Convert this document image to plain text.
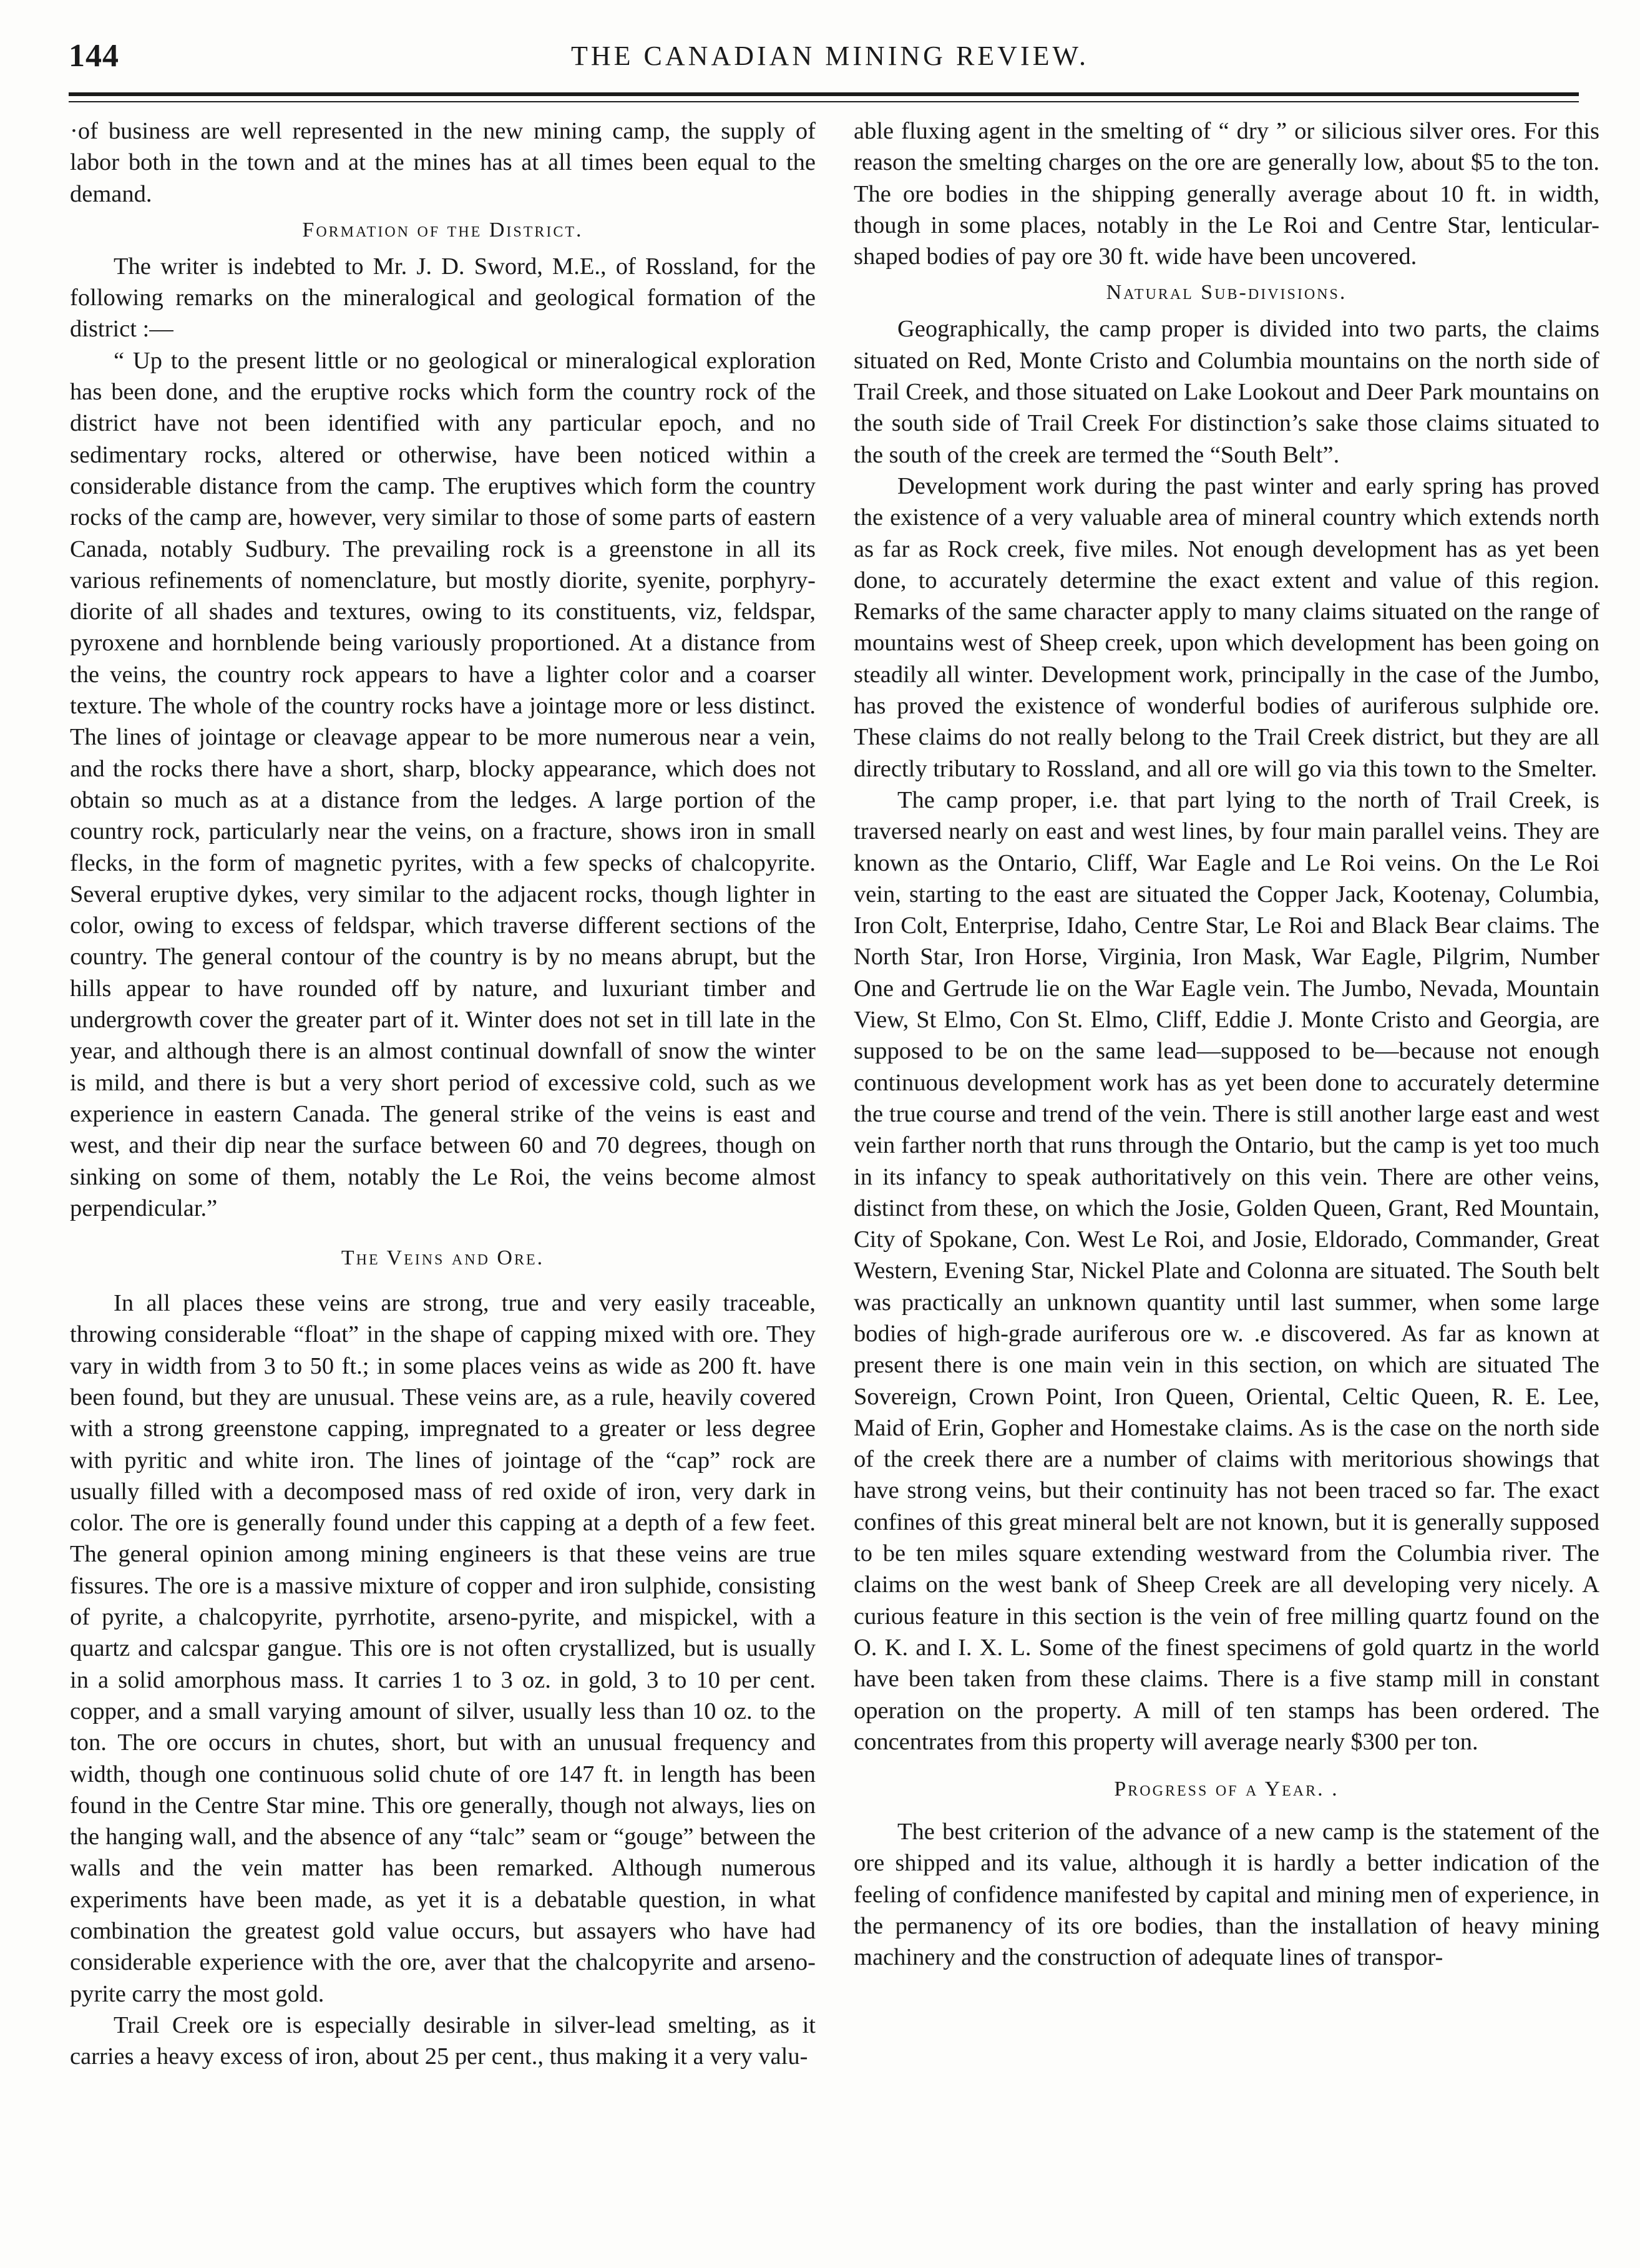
144	THE CANADIAN MINING REVIEW.

·of business are well represented in the new mining camp, the supply of labor both in the town and at the mines has at all times been equal to the demand.

Formation of the District.

The writer is indebted to Mr. J. D. Sword, M.E., of Rossland, for the following remarks on the mineralogical and geological formation of the district :—

“ Up to the present little or no geological or mineralogical exploration has been done, and the eruptive rocks which form the country rock of the district have not been identified with any particular epoch, and no sedimentary rocks, altered or otherwise, have been noticed within a considerable distance from the camp. The eruptives which form the country rocks of the camp are, however, very similar to those of some parts of eastern Canada, notably Sudbury. The prevailing rock is a greenstone in all its various refinements of nomenclature, but mostly diorite, syenite, porphyry-diorite of all shades and textures, owing to its constituents, viz, feldspar, pyroxene and hornblende being variously proportioned. At a distance from the veins, the country rock appears to have a lighter color and a coarser texture. The whole of the country rocks have a jointage more or less distinct. The lines of jointage or cleavage appear to be more numerous near a vein, and the rocks there have a short, sharp, blocky appearance, which does not obtain so much as at a distance from the ledges. A large portion of the country rock, particularly near the veins, on a fracture, shows iron in small flecks, in the form of magnetic pyrites, with a few specks of chalcopyrite. Several eruptive dykes, very similar to the adjacent rocks, though lighter in color, owing to excess of feldspar, which traverse different sections of the country. The general contour of the country is by no means abrupt, but the hills appear to have rounded off by nature, and luxuriant timber and undergrowth cover the greater part of it. Winter does not set in till late in the year, and although there is an almost continual downfall of snow the winter is mild, and there is but a very short period of excessive cold, such as we experience in eastern Canada. The general strike of the veins is east and west, and their dip near the surface between 60 and 70 degrees, though on sinking on some of them, notably the Le Roi, the veins become almost perpendicular.”

The Veins and Ore.

In all places these veins are strong, true and very easily traceable, throwing considerable “float” in the shape of capping mixed with ore. They vary in width from 3 to 50 ft.; in some places veins as wide as 200 ft. have been found, but they are unusual. These veins are, as a rule, heavily covered with a strong greenstone capping, impregnated to a greater or less degree with pyritic and white iron. The lines of jointage of the “cap” rock are usually filled with a decomposed mass of red oxide of iron, very dark in color. The ore is generally found under this capping at a depth of a few feet. The general opinion among mining engineers is that these veins are true fissures. The ore is a massive mixture of copper and iron sulphide, consisting of pyrite, a chalcopyrite, pyrrhotite, arseno-pyrite, and mispickel, with a quartz and calcspar gangue. This ore is not often crystallized, but is usually in a solid amorphous mass. It carries 1 to 3 oz. in gold, 3 to 10 per cent. copper, and a small varying amount of silver, usually less than 10 oz. to the ton. The ore occurs in chutes, short, but with an unusual frequency and width, though one continuous solid chute of ore 147 ft. in length has been found in the Centre Star mine. This ore generally, though not always, lies on the hanging wall, and the absence of any “talc” seam or “gouge” between the walls and the vein matter has been remarked. Although numerous experiments have been made, as yet it is a debatable question, in what combination the greatest gold value occurs, but assayers who have had considerable experience with the ore, aver that the chalcopyrite and arseno-pyrite carry the most gold.

Trail Creek ore is especially desirable in silver-lead smelting, as it carries a heavy excess of iron, about 25 per cent., thus making it a very valu-

able fluxing agent in the smelting of “ dry ” or silicious silver ores. For this reason the smelting charges on the ore are generally low, about $5 to the ton. The ore bodies in the shipping generally average about 10 ft. in width, though in some places, notably in the Le Roi and Centre Star, lenticular-shaped bodies of pay ore 30 ft. wide have been uncovered.

Natural Sub-divisions.

Geographically, the camp proper is divided into two parts, the claims situated on Red, Monte Cristo and Columbia mountains on the north side of Trail Creek, and those situated on Lake Lookout and Deer Park mountains on the south side of Trail Creek For distinction’s sake those claims situated to the south of the creek are termed the “South Belt”.

Development work during the past winter and early spring has proved the existence of a very valuable area of mineral country which extends north as far as Rock creek, five miles. Not enough development has as yet been done, to accurately determine the exact extent and value of this region. Remarks of the same character apply to many claims situated on the range of mountains west of Sheep creek, upon which development has been going on steadily all winter. Development work, principally in the case of the Jumbo, has proved the existence of wonderful bodies of auriferous sulphide ore. These claims do not really belong to the Trail Creek district, but they are all directly tributary to Rossland, and all ore will go via this town to the Smelter.

The camp proper, i.e. that part lying to the north of Trail Creek, is traversed nearly on east and west lines, by four main parallel veins. They are known as the Ontario, Cliff, War Eagle and Le Roi veins. On the Le Roi vein, starting to the east are situated the Copper Jack, Kootenay, Columbia, Iron Colt, Enterprise, Idaho, Centre Star, Le Roi and Black Bear claims. The North Star, Iron Horse, Virginia, Iron Mask, War Eagle, Pilgrim, Number One and Gertrude lie on the War Eagle vein. The Jumbo, Nevada, Mountain View, St Elmo, Con St. Elmo, Cliff, Eddie J. Monte Cristo and Georgia, are supposed to be on the same lead—supposed to be—because not enough continuous development work has as yet been done to accurately determine the true course and trend of the vein. There is still another large east and west vein farther north that runs through the Ontario, but the camp is yet too much in its infancy to speak authoritatively on this vein. There are other veins, distinct from these, on which the Josie, Golden Queen, Grant, Red Mountain, City of Spokane, Con. West Le Roi, and Josie, Eldorado, Commander, Great Western, Evening Star, Nickel Plate and Colonna are situated. The South belt was practically an unknown quantity until last summer, when some large bodies of high-grade auriferous ore w. .e discovered. As far as known at present there is one main vein in this section, on which are situated The Sovereign, Crown Point, Iron Queen, Oriental, Celtic Queen, R. E. Lee, Maid of Erin, Gopher and Homestake claims. As is the case on the north side of the creek there are a number of claims with meritorious showings that have strong veins, but their continuity has not been traced so far. The exact confines of this great mineral belt are not known, but it is generally supposed to be ten miles square extending westward from the Columbia river. The claims on the west bank of Sheep Creek are all developing very nicely. A curious feature in this section is the vein of free milling quartz found on the O. K. and I. X. L. Some of the finest specimens of gold quartz in the world have been taken from these claims. There is a five stamp mill in constant operation on the property. A mill of ten stamps has been ordered. The concentrates from this property will average nearly $300 per ton.

Progress of a Year. .

The best criterion of the advance of a new camp is the statement of the ore shipped and its value, although it is hardly a better indication of the feeling of confidence manifested by capital and mining men of experience, in the permanency of its ore bodies, than the installation of heavy mining machinery and the construction of adequate lines of transpor-
